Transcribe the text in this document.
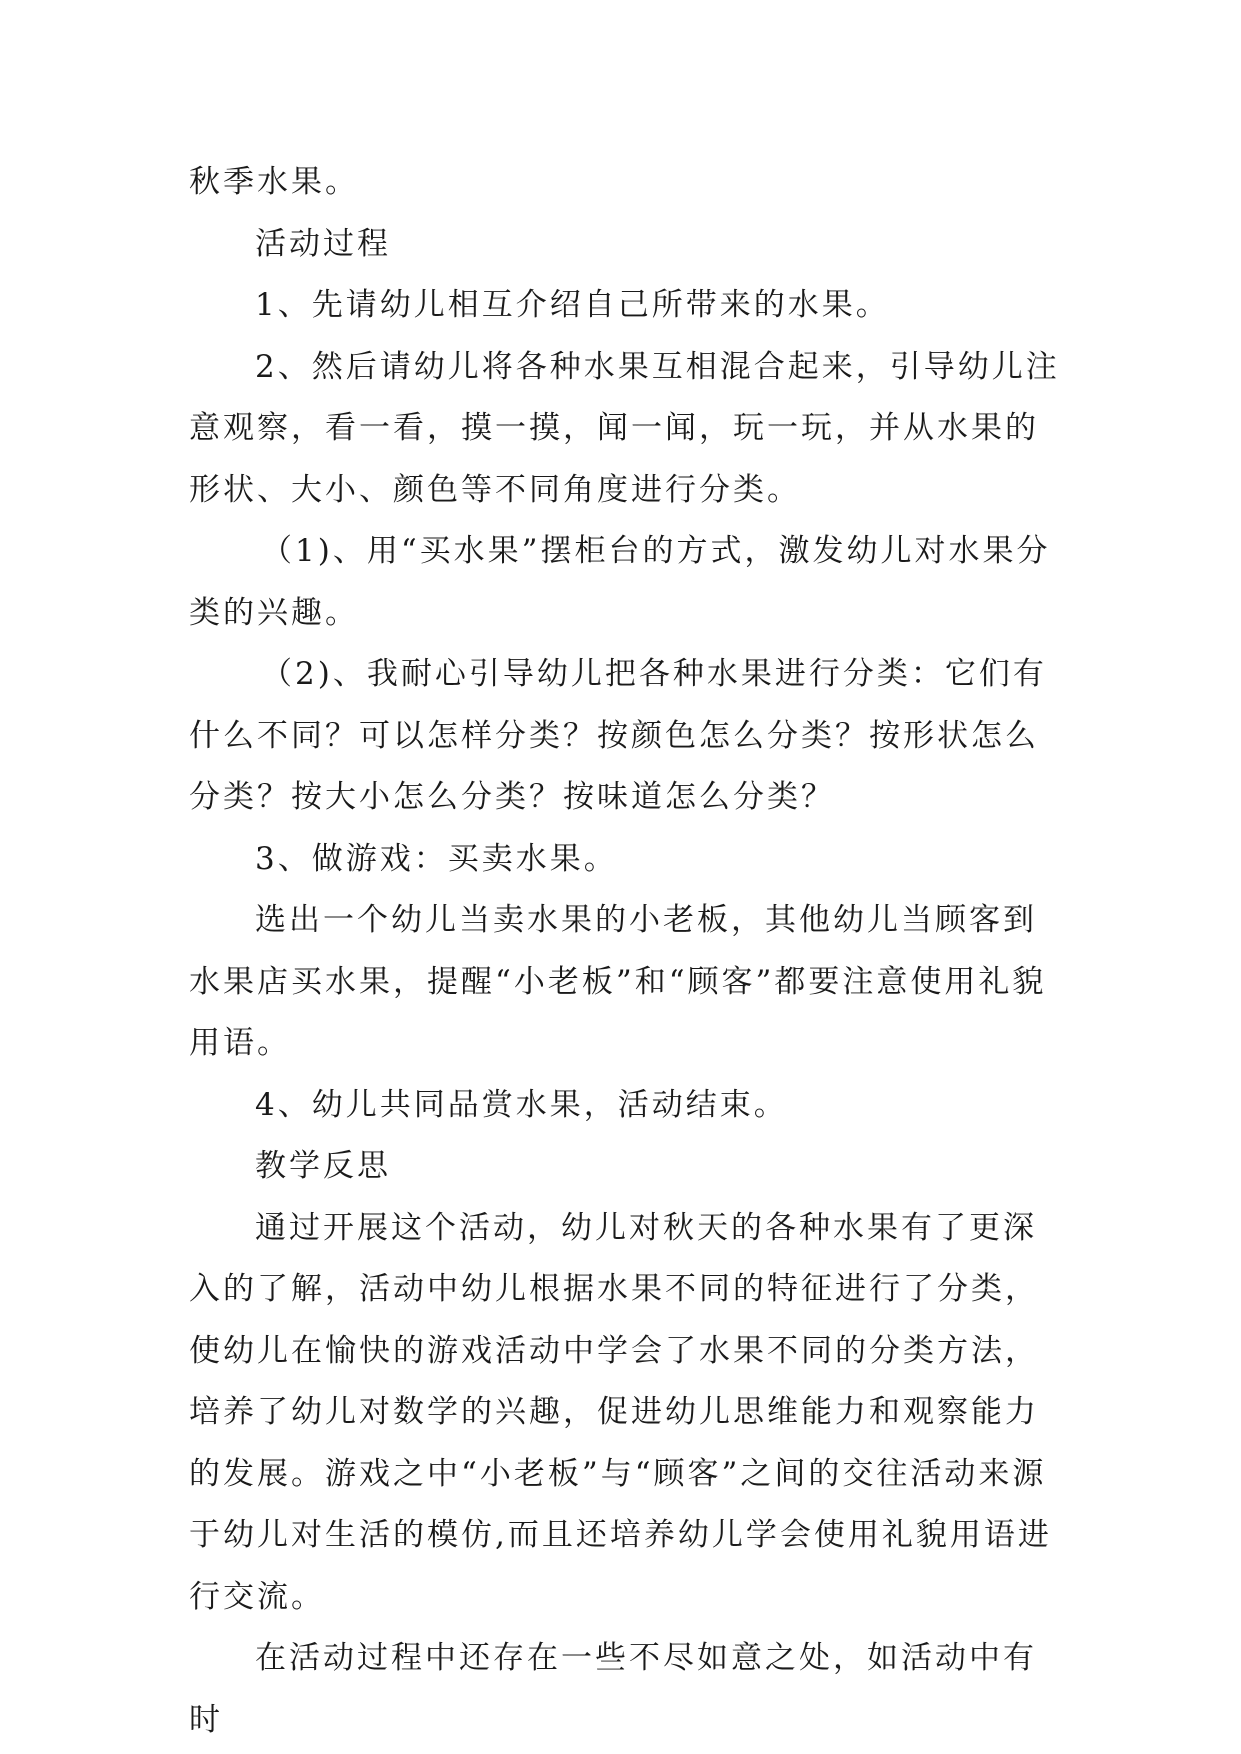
秋季水果。

活动过程

1、先请幼儿相互介绍自己所带来的水果。

2、然后请幼儿将各种水果互相混合起来，引导幼儿注意观察，看一看，摸一摸，闻一闻，玩一玩，并从水果的形状、大小、颜色等不同角度进行分类。

（1)、用“买水果”摆柜台的方式，激发幼儿对水果分类的兴趣。

（2)、我耐心引导幼儿把各种水果进行分类：它们有什么不同？可以怎样分类？按颜色怎么分类？按形状怎么分类？按大小怎么分类？按味道怎么分类？

3、做游戏：买卖水果。

选出一个幼儿当卖水果的小老板，其他幼儿当顾客到水果店买水果，提醒“小老板”和“顾客”都要注意使用礼貌用语。

4、幼儿共同品赏水果，活动结束。

教学反思

通过开展这个活动，幼儿对秋天的各种水果有了更深入的了解，活动中幼儿根据水果不同的特征进行了分类，使幼儿在愉快的游戏活动中学会了水果不同的分类方法，培养了幼儿对数学的兴趣，促进幼儿思维能力和观察能力的发展。游戏之中“小老板”与“顾客”之间的交往活动来源于幼儿对生活的模仿,而且还培养幼儿学会使用礼貌用语进行交流。

在活动过程中还存在一些不尽如意之处，如活动中有时
